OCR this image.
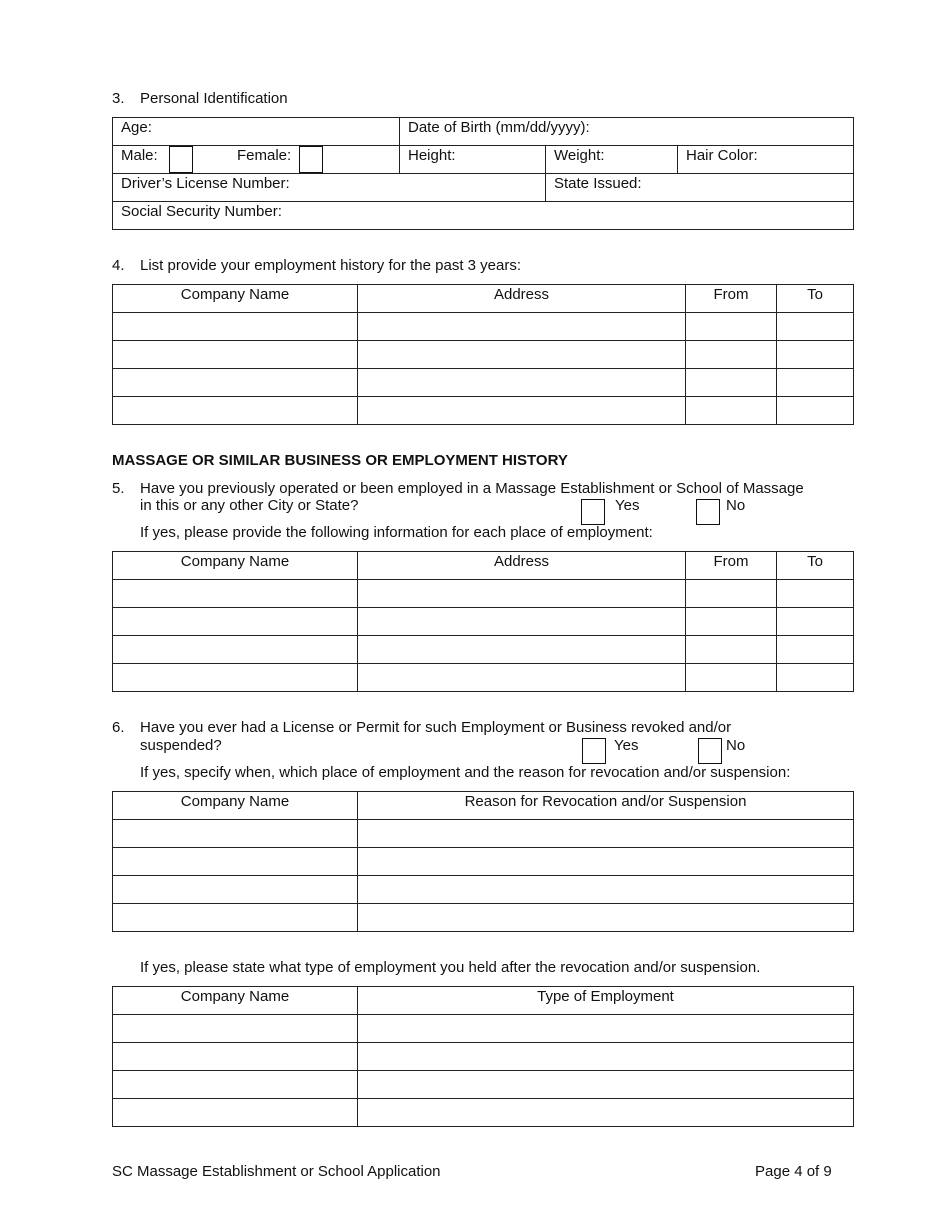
3. Personal Identification
Age:	Date of Birth (mm/dd/yyyy):		
Male: Female:	Height:	Weight:	Hair Color:
Driver’s License Number:		State Issued:	
Social Security Number:			
4. List provide your employment history for the past 3 years:
Company Name	Address	From	To

MASSAGE OR SIMILAR BUSINESS OR EMPLOYMENT HISTORY
5. Have you previously operated or been employed in a Massage Establishment or School of Massage
in this or any other City or State?	Yes	No
If yes, please provide the following information for each place of employment:
Company Name	Address	From	To

6. Have you ever had a License or Permit for such Employment or Business revoked and/or
suspended?	Yes	No
If yes, specify when, which place of employment and the reason for revocation and/or suspension:
Company Name	Reason for Revocation and/or Suspension

If yes, please state what type of employment you held after the revocation and/or suspension.
Company Name	Type of Employment

SC Massage Establishment or School Application	Page 4 of 9
